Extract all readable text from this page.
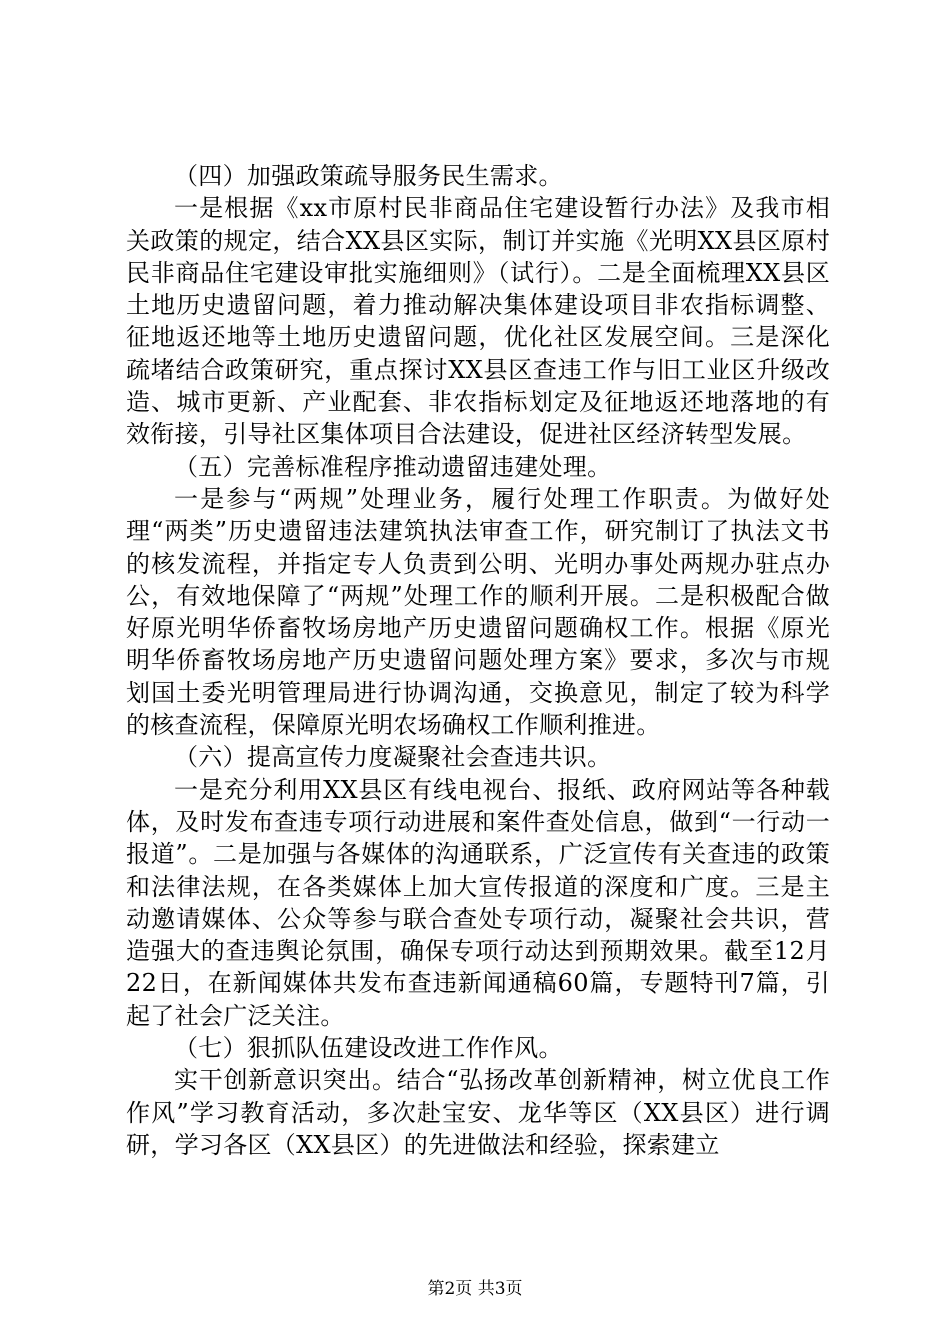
（四）加强政策疏导服务民生需求。

一是根据《xx市原村民非商品住宅建设暂行办法》及我市相关政策的规定，结合XX县区实际，制订并实施《光明XX县区原村民非商品住宅建设审批实施细则》（试行）。二是全面梳理XX县区土地历史遗留问题，着力推动解决集体建设项目非农指标调整、征地返还地等土地历史遗留问题，优化社区发展空间。三是深化疏堵结合政策研究，重点探讨XX县区查违工作与旧工业区升级改造、城市更新、产业配套、非农指标划定及征地返还地落地的有效衔接，引导社区集体项目合法建设，促进社区经济转型发展。

（五）完善标准程序推动遗留违建处理。

一是参与“两规”处理业务，履行处理工作职责。为做好处理“两类”历史遗留违法建筑执法审查工作，研究制订了执法文书的核发流程，并指定专人负责到公明、光明办事处两规办驻点办公，有效地保障了“两规”处理工作的顺利开展。二是积极配合做好原光明华侨畜牧场房地产历史遗留问题确权工作。根据《原光明华侨畜牧场房地产历史遗留问题处理方案》要求，多次与市规划国土委光明管理局进行协调沟通，交换意见，制定了较为科学的核查流程，保障原光明农场确权工作顺利推进。

（六）提高宣传力度凝聚社会查违共识。

一是充分利用XX县区有线电视台、报纸、政府网站等各种载体，及时发布查违专项行动进展和案件查处信息，做到“一行动一报道”。二是加强与各媒体的沟通联系，广泛宣传有关查违的政策和法律法规，在各类媒体上加大宣传报道的深度和广度。三是主动邀请媒体、公众等参与联合查处专项行动，凝聚社会共识，营造强大的查违舆论氛围，确保专项行动达到预期效果。截至12月22日，在新闻媒体共发布查违新闻通稿60篇，专题特刊7篇，引起了社会广泛关注。

（七）狠抓队伍建设改进工作作风。

实干创新意识突出。结合“弘扬改革创新精神，树立优良工作作风”学习教育活动，多次赴宝安、龙华等区（XX县区）进行调研，学习各区（XX县区）的先进做法和经验，探索建立

第2页 共3页
